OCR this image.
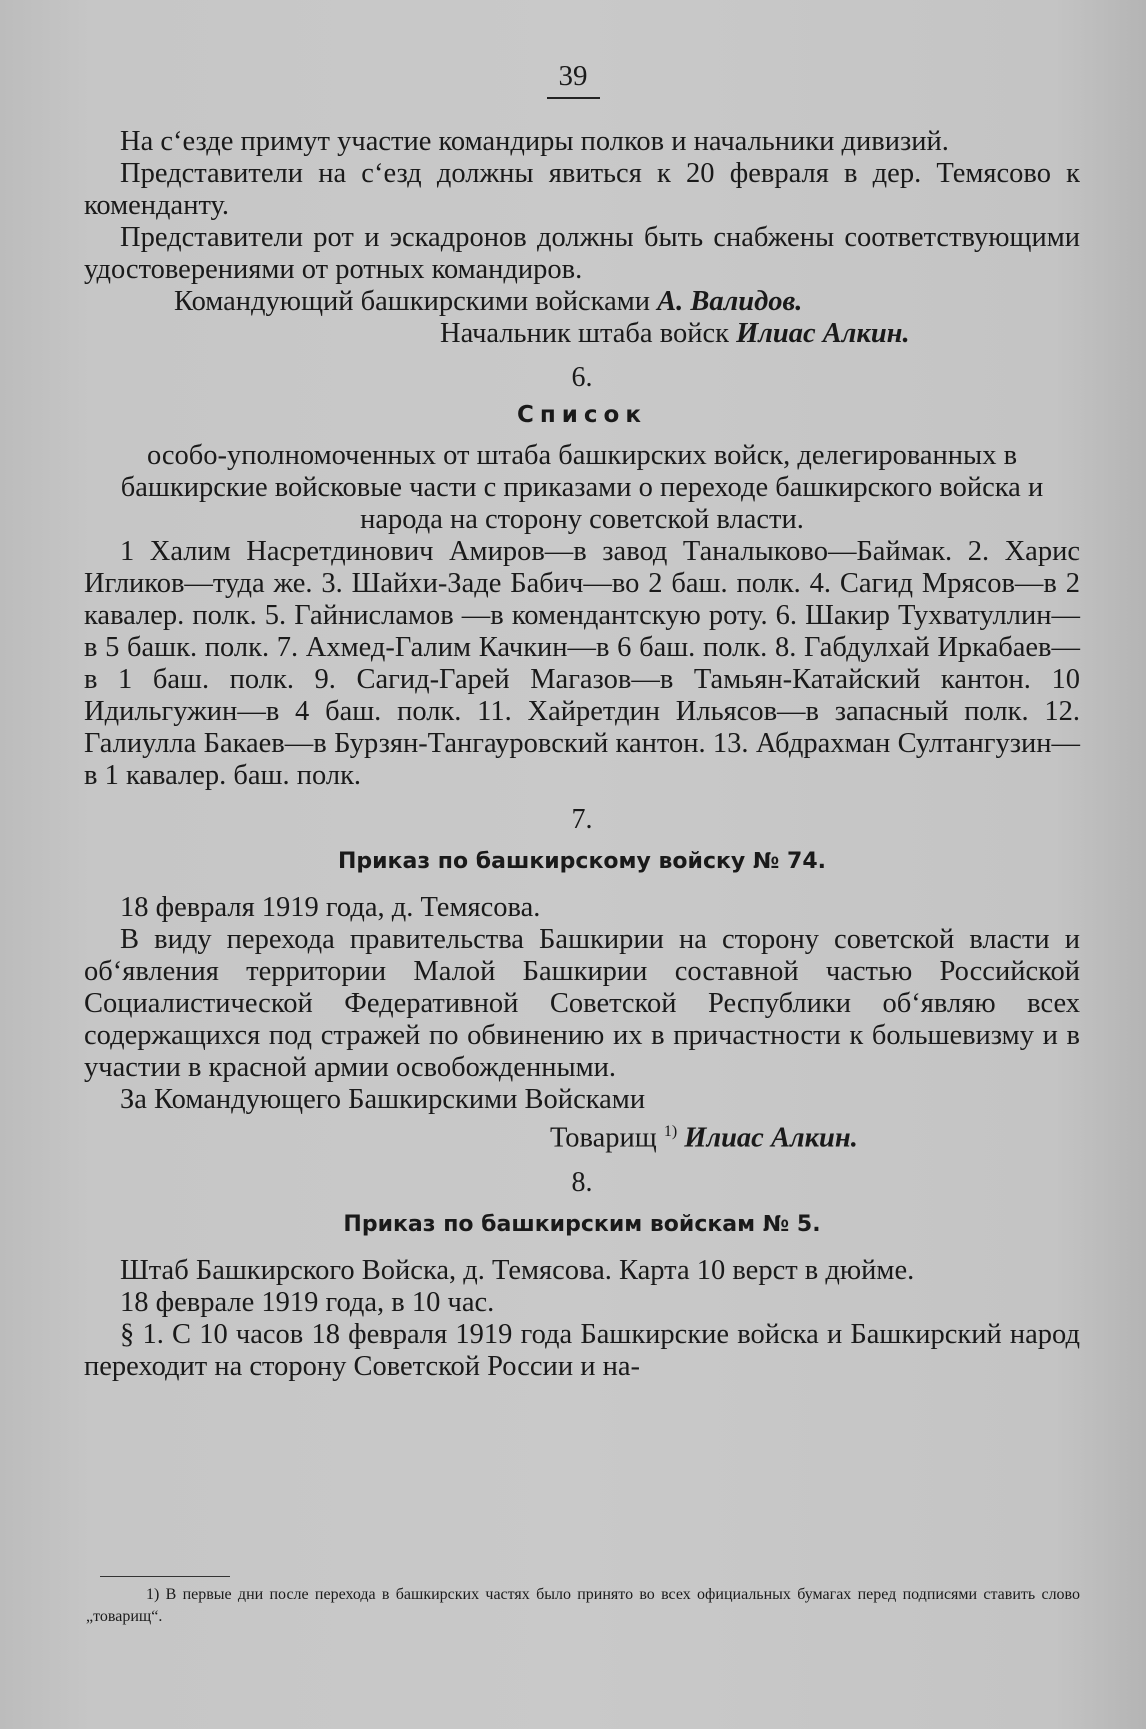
39

На с‘езде примут участие командиры полков и начальники дивизий.

Представители на с‘езд должны явиться к 20 февраля в дер. Темясово к коменданту.

Представители рот и эскадронов должны быть снабжены соответствующими удостоверениями от ротных командиров.

Командующий башкирскими войсками А. Валидов.

Начальник штаба войск Илиас Алкин.

6.
Список

особо-уполномоченных от штаба башкирских войск, делегированных в башкирские войсковые части с приказами о переходе башкирского войска и народа на сторону советской власти.

1 Халим Насретдинович Амиров—в завод Таналыково—Баймак. 2. Харис Игликов—туда же. 3. Шайхи-Заде Бабич—во 2 баш. полк. 4. Сагид Мрясов—в 2 кавалер. полк. 5. Гайнисламов —в комендантскую роту. 6. Шакир Тухватуллин—в 5 башк. полк. 7. Ахмед-Галим Качкин—в 6 баш. полк. 8. Габдулхай Иркабаев—в 1 баш. полк. 9. Сагид-Гарей Магазов—в Тамьян-Катайский кантон. 10 Идильгужин—в 4 баш. полк. 11. Хайретдин Ильясов—в запасный полк. 12. Галиулла Бакаев—в Бурзян-Тангауровский кантон. 13. Абдрахман Султангузин—в 1 кавалер. баш. полк.

7.
Приказ по башкирскому войску № 74.

18 февраля 1919 года, д. Темясова.

В виду перехода правительства Башкирии на сторону советской власти и об‘явления территории Малой Башкирии составной частью Российской Социалистической Федеративной Советской Республики об‘являю всех содержащихся под стражей по обвинению их в причастности к большевизму и в участии в красной армии освобожденными.

За Командующего Башкирскими Войсками

Товарищ $^{1)}$ Илиас Алкин.

8.
Приказ по башкирским войскам № 5.

Штаб Башкирского Войска, д. Темясова. Карта 10 верст в дюйме.

18 феврале 1919 года, в 10 час.

§ 1. С 10 часов 18 февраля 1919 года Башкирские войска и Башкирский народ переходит на сторону Советской России и на-

1) В первые дни после перехода в башкирских частях было принято во всех официальных бумагах перед подписями ставить слово „товарищ“.
